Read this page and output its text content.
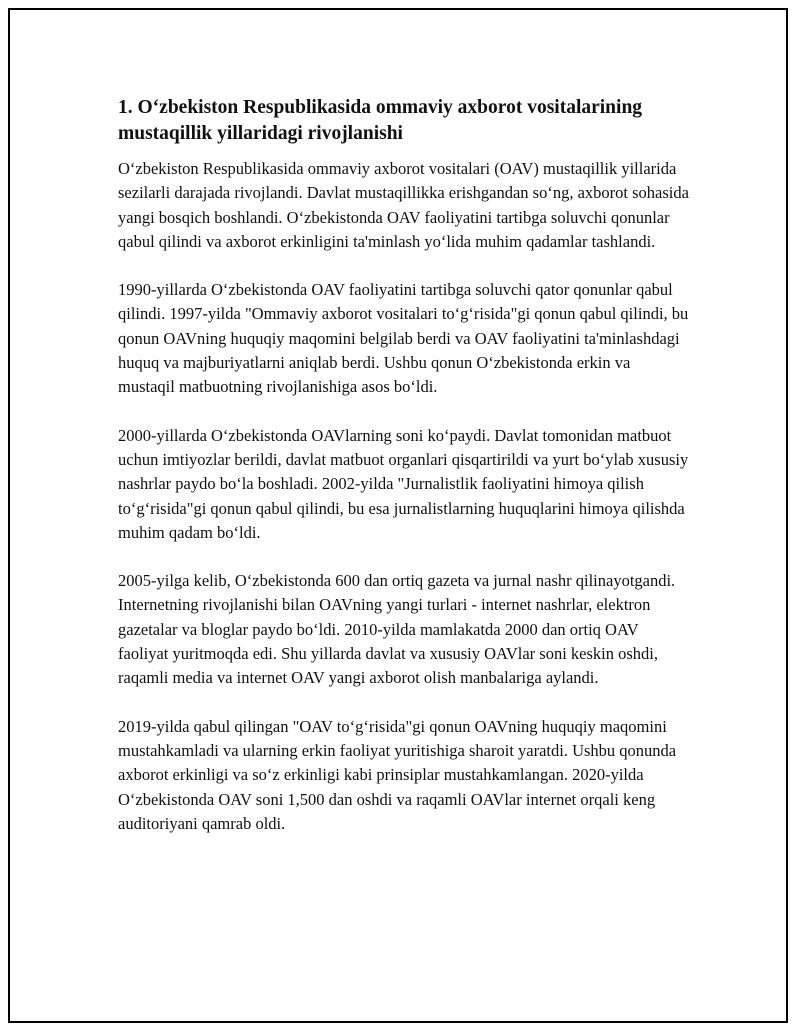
1. O‘zbekiston Respublikasida ommaviy axborot vositalarining mustaqillik yillaridagi rivojlanishi

O‘zbekiston Respublikasida ommaviy axborot vositalari (OAV) mustaqillik yillarida sezilarli darajada rivojlandi. Davlat mustaqillikka erishgandan so‘ng, axborot sohasida yangi bosqich boshlandi. O‘zbekistonda OAV faoliyatini tartibga soluvchi qonunlar qabul qilindi va axborot erkinligini ta'minlash yo‘lida muhim qadamlar tashlandi.

1990-yillarda O‘zbekistonda OAV faoliyatini tartibga soluvchi qator qonunlar qabul qilindi. 1997-yilda "Ommaviy axborot vositalari to‘g‘risida"gi qonun qabul qilindi, bu qonun OAVning huquqiy maqomini belgilab berdi va OAV faoliyatini ta'minlashdagi huquq va majburiyatlarni aniqlab berdi. Ushbu qonun O‘zbekistonda erkin va mustaqil matbuotning rivojlanishiga asos bo‘ldi.

2000-yillarda O‘zbekistonda OAVlarning soni ko‘paydi. Davlat tomonidan matbuot uchun imtiyozlar berildi, davlat matbuot organlari qisqartirildi va yurt bo‘ylab xususiy nashrlar paydo bo‘la boshladi. 2002-yilda "Jurnalistlik faoliyatini himoya qilish to‘g‘risida"gi qonun qabul qilindi, bu esa jurnalistlarning huquqlarini himoya qilishda muhim qadam bo‘ldi.

2005-yilga kelib, O‘zbekistonda 600 dan ortiq gazeta va jurnal nashr qilinayotgandi. Internetning rivojlanishi bilan OAVning yangi turlari - internet nashrlar, elektron gazetalar va bloglar paydo bo‘ldi. 2010-yilda mamlakatda 2000 dan ortiq OAV faoliyat yuritmoqda edi. Shu yillarda davlat va xususiy OAVlar soni keskin oshdi, raqamli media va internet OAV yangi axborot olish manbalariga aylandi.

2019-yilda qabul qilingan "OAV to‘g‘risida"gi qonun OAVning huquqiy maqomini mustahkamladi va ularning erkin faoliyat yuritishiga sharoit yaratdi. Ushbu qonunda axborot erkinligi va so‘z erkinligi kabi prinsiplar mustahkamlangan. 2020-yilda O‘zbekistonda OAV soni 1,500 dan oshdi va raqamli OAVlar internet orqali keng auditoriyani qamrab oldi.
